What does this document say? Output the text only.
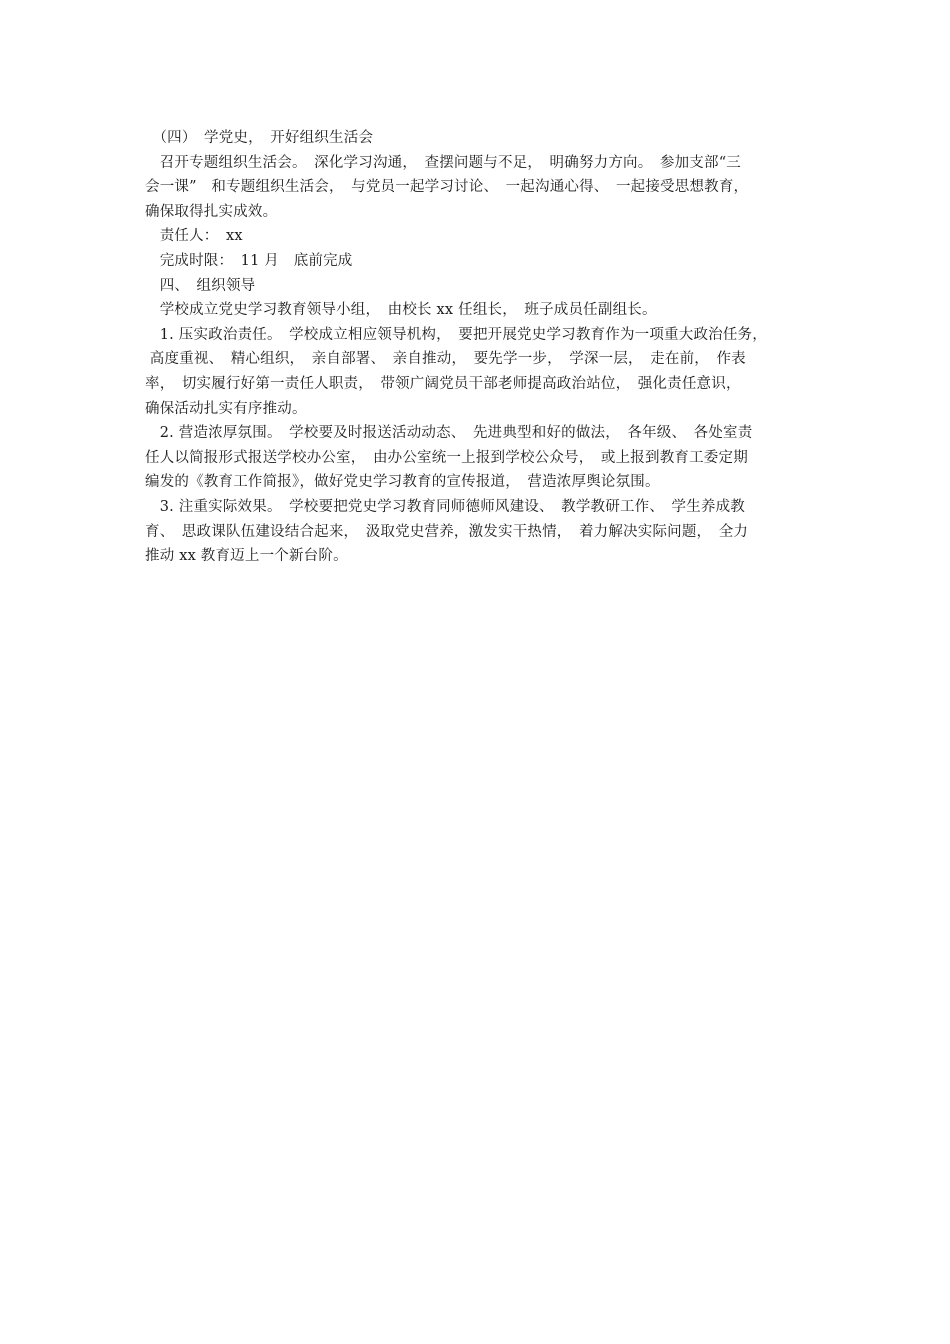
　（四）　学党史，　开好组织生活会
　召开专题组织生活会。　深化学习沟通，　查摆问题与不足，　明确努力方向。　参加支部“三
会一课”　和专题组织生活会，　与党员一起学习讨论、　一起沟通心得、　一起接受思想教育，
确保取得扎实成效。
　责任人：　xx
　完成时限：　11 月　底前完成
　四、　组织领导
　学校成立党史学习教育领导小组，　由校长 xx 任组长，　班子成员任副组长。
　1. 压实政治责任。　学校成立相应领导机构，　要把开展党史学习教育作为一项重大政治任务，
高度重视、　精心组织，　亲自部署、　亲自推动，　要先学一步，　学深一层，　走在前，　作表
率，　切实履行好第一责任人职责，　带领广阔党员干部老师提高政治站位，　强化责任意识，
确保活动扎实有序推动。
　2. 营造浓厚氛围。　学校要及时报送活动动态、　先进典型和好的做法，　各年级、　各处室责
任人以简报形式报送学校办公室，　由办公室统一上报到学校公众号，　或上报到教育工委定期
编发的《教育工作简报》，做好党史学习教育的宣传报道，　营造浓厚舆论氛围。
　3. 注重实际效果。　学校要把党史学习教育同师德师风建设、　教学教研工作、　学生养成教
育、　思政课队伍建设结合起来，　汲取党史营养，激发实干热情，　着力解决实际问题，　全力
推动 xx 教育迈上一个新台阶。
